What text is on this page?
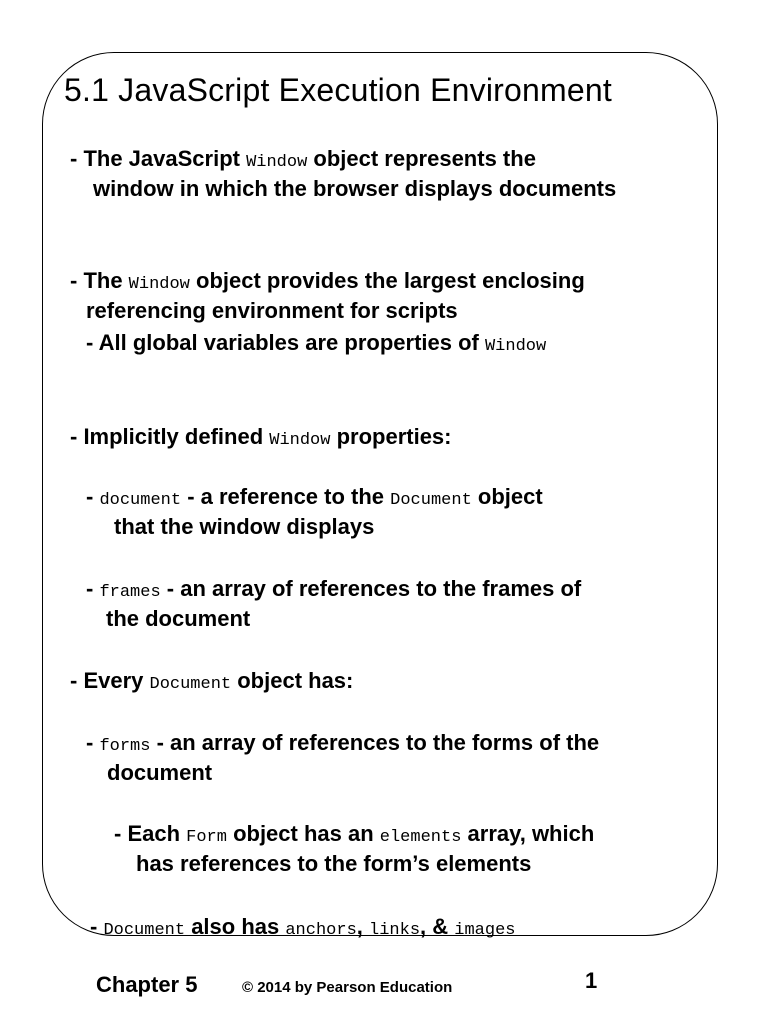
5.1 JavaScript Execution Environment

- The JavaScript Window object represents the

window in which the browser displays documents

- The Window object provides the largest enclosing

referencing environment for scripts

- All global variables are properties of Window

- Implicitly defined Window properties:

- document - a reference to the Document object

that the window displays

- frames - an array of references to the frames of

the document

- Every Document object has:

- forms - an array of references to the forms of the

document

- Each Form object has an elements array, which

has references to the form’s elements

- Document also has anchors, links, & images

Chapter 5	© 2014 by Pearson Education	1
